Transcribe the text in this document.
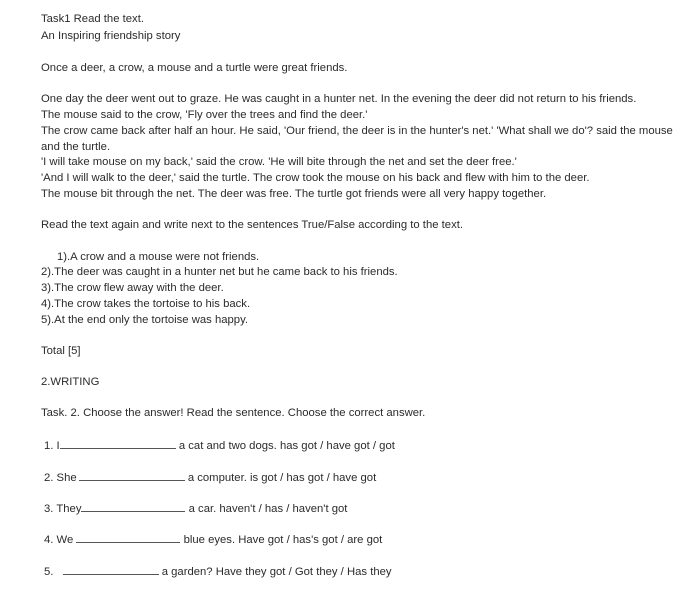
Task1 Read the text.
An Inspiring friendship story
Once a deer, a crow, a mouse and a turtle were great friends.
One day the deer went out to graze. He was caught in a hunter net. In the evening the deer did not return to his friends.
The mouse said to the crow, 'Fly over the trees and find the deer.'
The crow came back after half an hour. He said, 'Our friend, the deer is in the hunter's net.' 'What shall we do'? said the mouse
and the turtle.
'I will take mouse on my back,' said the crow. 'He will bite through the net and set the deer free.'
'And I will walk to the deer,' said the turtle. The crow took the mouse on his back and flew with him to the deer.
The mouse bit through the net. The deer was free. The turtle got friends were all very happy together.
Read the text again and write next to the sentences True/False according to the text.
1).A crow and a mouse were not friends.
2).The deer was caught in a hunter net but he came back to his friends.
3).The crow flew away with the deer.
4).The crow takes the tortoise to his back.
5).At the end only the tortoise was happy.
Total [5]
2.WRITING
Task. 2. Choose the answer! Read the sentence. Choose the correct answer.
1. I	a cat and two dogs. has got / have got / got
2. She	a computer. is got / has got / have got
3. They	a car. haven't / has / haven't got
4. We	blue eyes. Have got / has's got / are got
5.	a garden? Have they got / Got they / Has they
